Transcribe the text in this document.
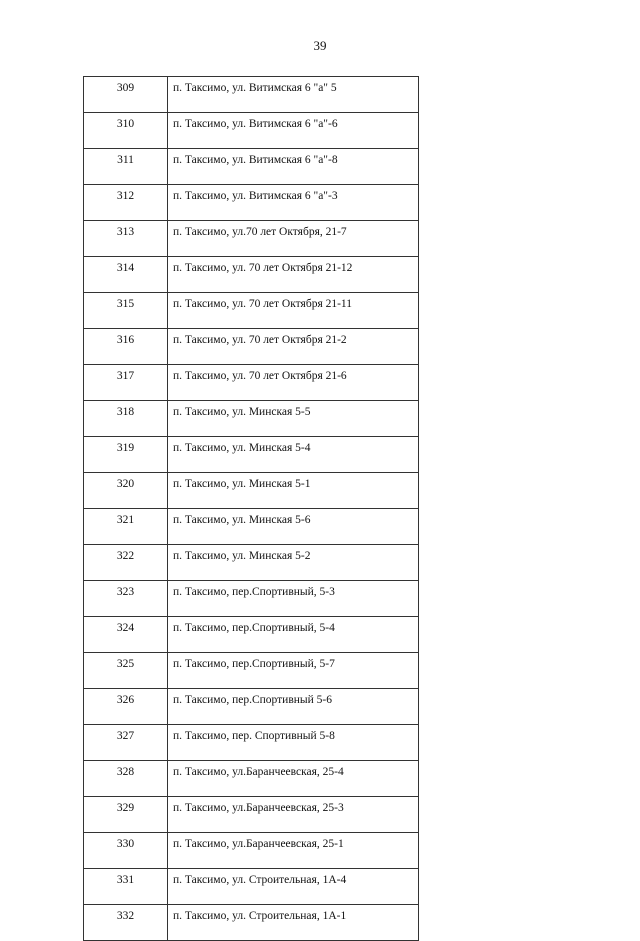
39
309	п. Таксимо, ул. Витимская 6 "а" 5
310	п. Таксимо, ул. Витимская 6 "а"-6
311	п. Таксимо, ул. Витимская 6 "а"-8
312	п. Таксимо, ул. Витимская 6 "а"-3
313	п. Таксимо, ул.70 лет Октября, 21-7
314	п. Таксимо, ул. 70 лет Октября 21-12
315	п. Таксимо, ул. 70 лет Октября 21-11
316	п. Таксимо, ул. 70 лет Октября 21-2
317	п. Таксимо, ул. 70 лет Октября 21-6
318	п. Таксимо, ул. Минская 5-5
319	п. Таксимо, ул. Минская 5-4
320	п. Таксимо, ул. Минская 5-1
321	п. Таксимо, ул. Минская 5-6
322	п. Таксимо, ул. Минская 5-2
323	п. Таксимо, пер.Спортивный, 5-3
324	п. Таксимо, пер.Спортивный, 5-4
325	п. Таксимо, пер.Спортивный, 5-7
326	п. Таксимо, пер.Спортивный 5-6
327	п. Таксимо, пер. Спортивный 5-8
328	п. Таксимо, ул.Баранчеевская, 25-4
329	п. Таксимо, ул.Баранчеевская, 25-3
330	п. Таксимо, ул.Баранчеевская, 25-1
331	п. Таксимо, ул. Строительная, 1А-4
332	п. Таксимо, ул. Строительная, 1А-1
